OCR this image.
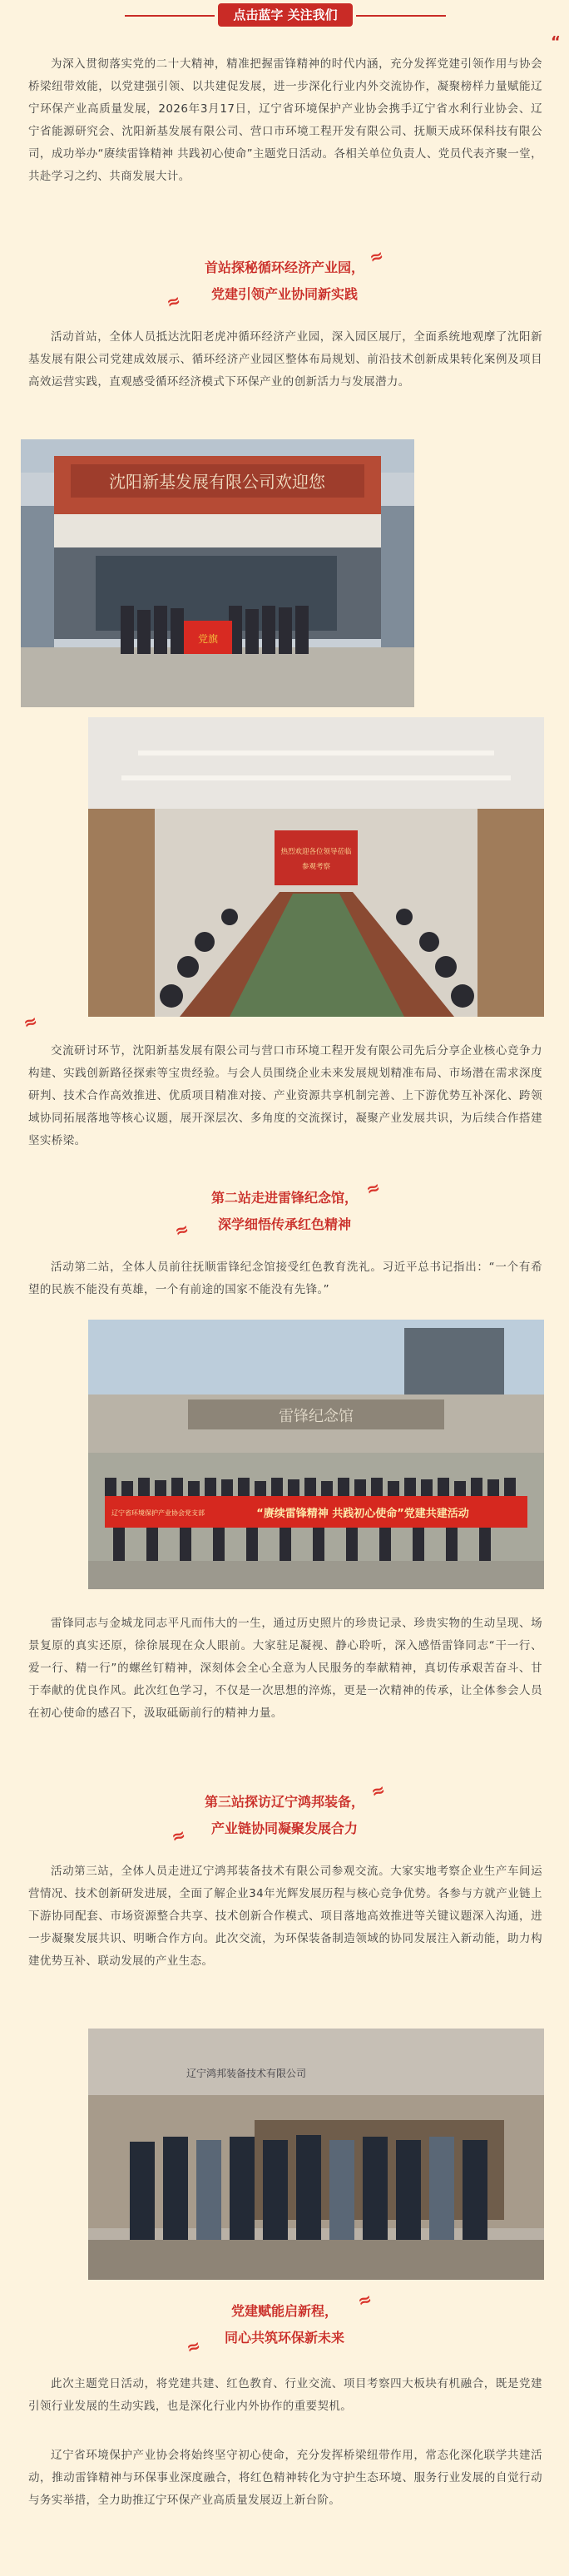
点击蓝字 关注我们
“

为深入贯彻落实党的二十大精神，精准把握雷锋精神的时代内涵，充分发挥党建引领作用与协会桥梁纽带效能，以党建强引领、以共建促发展，进一步深化行业内外交流协作，凝聚榜样力量赋能辽宁环保产业高质量发展，2026年3月17日，辽宁省环境保护产业协会携手辽宁省水利行业协会、辽宁省能源研究会、沈阳新基发展有限公司、营口市环境工程开发有限公司、抚顺天成环保科技有限公司，成功举办“赓续雷锋精神 共践初心使命”主题党日活动。各相关单位负责人、党员代表齐聚一堂，共赴学习之约、共商发展大计。

首站探秘循环经济产业园，
党建引领产业协同新实践
≈
≈

活动首站，全体人员抵达沈阳老虎冲循环经济产业园，深入园区展厅，全面系统地观摩了沈阳新基发展有限公司党建成效展示、循环经济产业园区整体布局规划、前沿技术创新成果转化案例及项目高效运营实践，直观感受循环经济模式下环保产业的创新活力与发展潜力。

沈阳新基发展有限公司欢迎您
党旗
热烈欢迎各位领导莅临
参观考察
≈

交流研讨环节，沈阳新基发展有限公司与营口市环境工程开发有限公司先后分享企业核心竞争力构建、实践创新路径探索等宝贵经验。与会人员围绕企业未来发展规划精准布局、市场潜在需求深度研判、技术合作高效推进、优质项目精准对接、产业资源共享机制完善、上下游优势互补深化、跨领域协同拓展落地等核心议题，展开深层次、多角度的交流探讨，凝聚产业发展共识，为后续合作搭建坚实桥梁。

第二站走进雷锋纪念馆，
深学细悟传承红色精神
≈
≈

活动第二站，全体人员前往抚顺雷锋纪念馆接受红色教育洗礼。习近平总书记指出：“一个有希望的民族不能没有英雄，一个有前途的国家不能没有先锋。”

雷锋纪念馆
辽宁省环境保护产业协会党支部	“赓续雷锋精神 共践初心使命”党建共建活动

雷锋同志与金城龙同志平凡而伟大的一生，通过历史照片的珍贵记录、珍贵实物的生动呈现、场景复原的真实还原，徐徐展现在众人眼前。大家驻足凝视、静心聆听，深入感悟雷锋同志“干一行、爱一行、精一行”的螺丝钉精神，深刻体会全心全意为人民服务的奉献精神，真切传承艰苦奋斗、甘于奉献的优良作风。此次红色学习，不仅是一次思想的淬炼，更是一次精神的传承，让全体参会人员在初心使命的感召下，汲取砥砺前行的精神力量。

第三站探访辽宁鸿邦装备，
产业链协同凝聚发展合力
≈
≈

活动第三站，全体人员走进辽宁鸿邦装备技术有限公司参观交流。大家实地考察企业生产车间运营情况、技术创新研发进展，全面了解企业34年光辉发展历程与核心竞争优势。各参与方就产业链上下游协同配套、市场资源整合共享、技术创新合作模式、项目落地高效推进等关键议题深入沟通，进一步凝聚发展共识、明晰合作方向。此次交流，为环保装备制造领域的协同发展注入新动能，助力构建优势互补、联动发展的产业生态。

辽宁鸿邦装备技术有限公司
党建赋能启新程，
同心共筑环保新未来
≈
≈

此次主题党日活动，将党建共建、红色教育、行业交流、项目考察四大板块有机融合，既是党建引领行业发展的生动实践，也是深化行业内外协作的重要契机。

辽宁省环境保护产业协会将始终坚守初心使命，充分发挥桥梁纽带作用，常态化深化联学共建活动，推动雷锋精神与环保事业深度融合，将红色精神转化为守护生态环境、服务行业发展的自觉行动与务实举措，全力助推辽宁环保产业高质量发展迈上新台阶。
